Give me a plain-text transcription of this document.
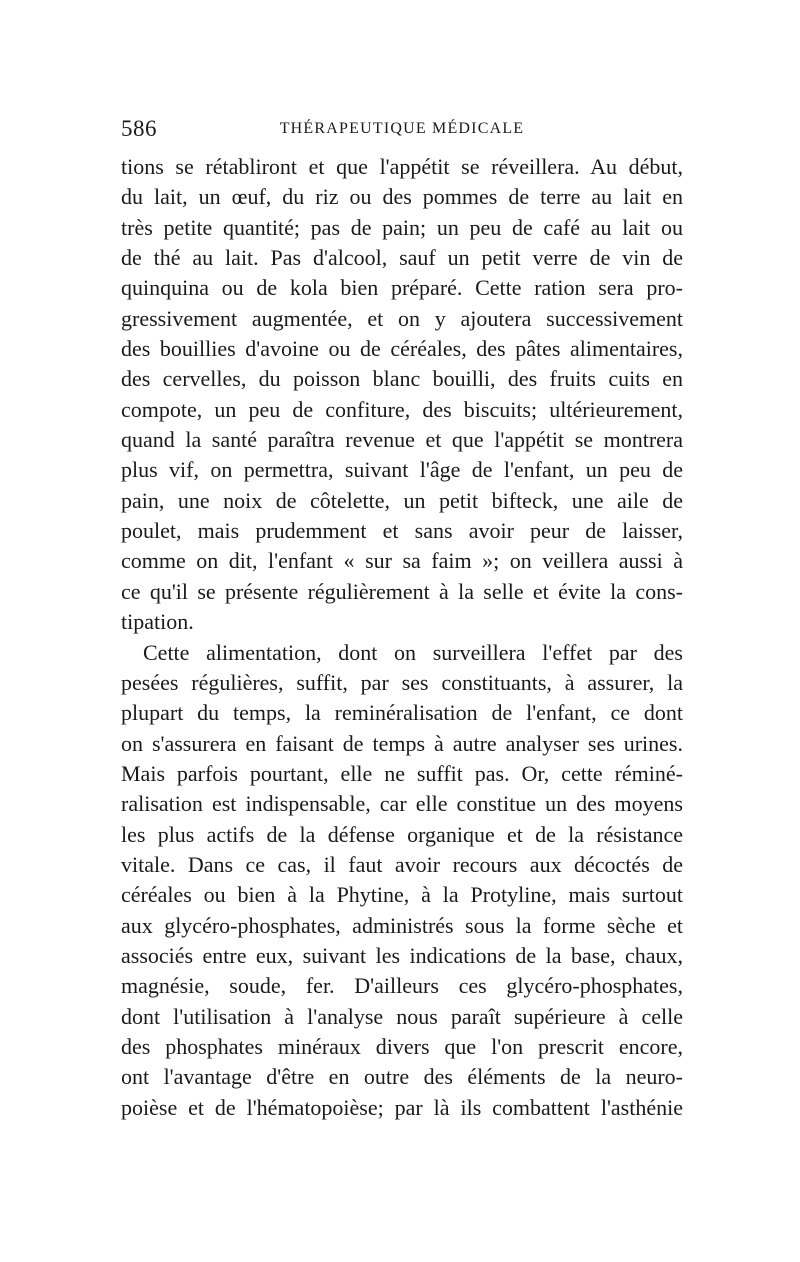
586	THÉRAPEUTIQUE MÉDICALE
tions se rétabliront et que l'appétit se réveillera. Au début,
du lait, un œuf, du riz ou des pommes de terre au lait en
très petite quantité; pas de pain; un peu de café au lait ou
de thé au lait. Pas d'alcool, sauf un petit verre de vin de
quinquina ou de kola bien préparé. Cette ration sera pro-
gressivement augmentée, et on y ajoutera successivement
des bouillies d'avoine ou de céréales, des pâtes alimentaires,
des cervelles, du poisson blanc bouilli, des fruits cuits en
compote, un peu de confiture, des biscuits; ultérieurement,
quand la santé paraîtra revenue et que l'appétit se montrera
plus vif, on permettra, suivant l'âge de l'enfant, un peu de
pain, une noix de côtelette, un petit bifteck, une aile de
poulet, mais prudemment et sans avoir peur de laisser,
comme on dit, l'enfant « sur sa faim »; on veillera aussi à
ce qu'il se présente régulièrement à la selle et évite la cons-
tipation.
Cette alimentation, dont on surveillera l'effet par des
pesées régulières, suffit, par ses constituants, à assurer, la
plupart du temps, la reminéralisation de l'enfant, ce dont
on s'assurera en faisant de temps à autre analyser ses urines.
Mais parfois pourtant, elle ne suffit pas. Or, cette réminé-
ralisation est indispensable, car elle constitue un des moyens
les plus actifs de la défense organique et de la résistance
vitale. Dans ce cas, il faut avoir recours aux décoctés de
céréales ou bien à la Phytine, à la Protyline, mais surtout
aux glycéro-phosphates, administrés sous la forme sèche et
associés entre eux, suivant les indications de la base, chaux,
magnésie, soude, fer. D'ailleurs ces glycéro-phosphates,
dont l'utilisation à l'analyse nous paraît supérieure à celle
des phosphates minéraux divers que l'on prescrit encore,
ont l'avantage d'être en outre des éléments de la neuro-
poièse et de l'hématopoièse; par là ils combattent l'asthénie
